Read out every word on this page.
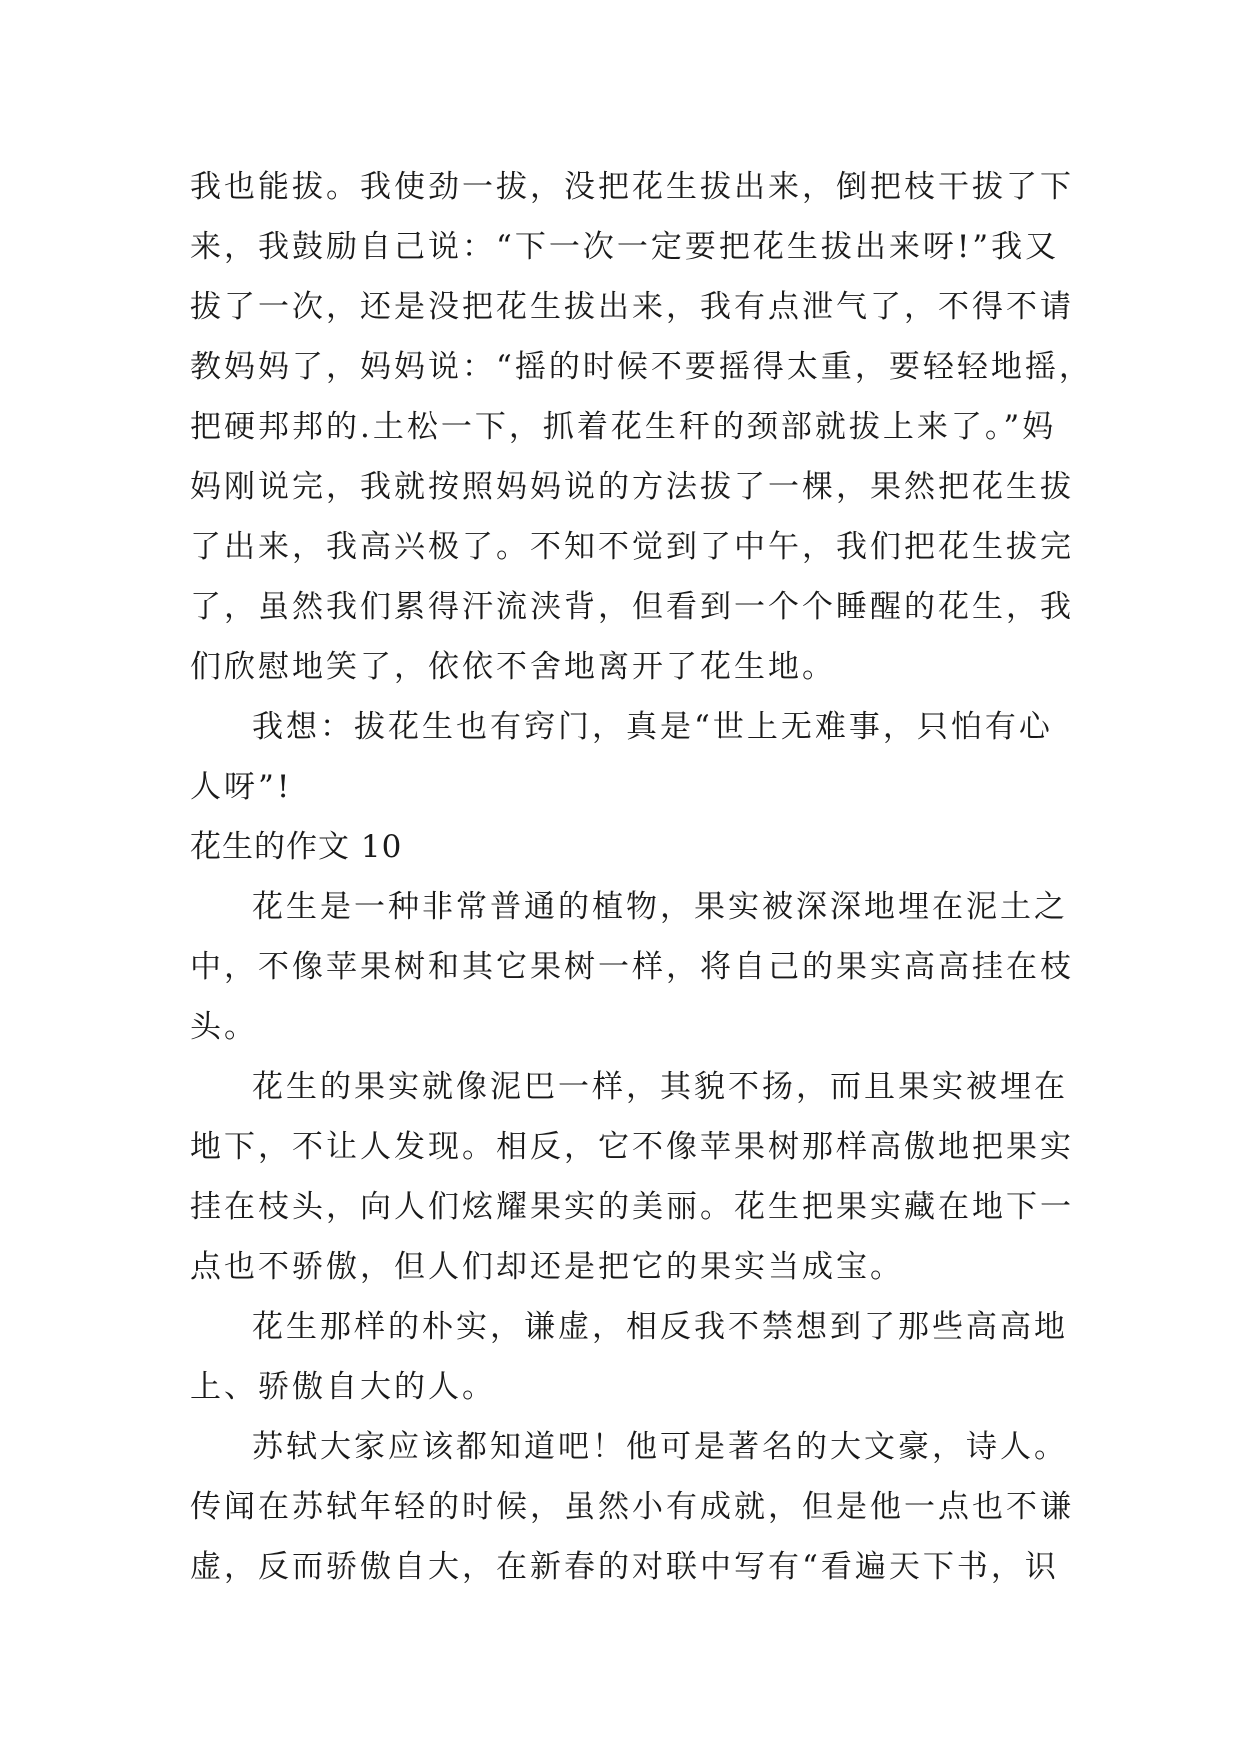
我也能拔。我使劲一拔，没把花生拔出来，倒把枝干拔了下
来，我鼓励自己说：“下一次一定要把花生拔出来呀!”我又
拔了一次，还是没把花生拔出来，我有点泄气了，不得不请
教妈妈了，妈妈说：“摇的时候不要摇得太重，要轻轻地摇，
把硬邦邦的.土松一下，抓着花生秆的颈部就拔上来了。”妈
妈刚说完，我就按照妈妈说的方法拔了一棵，果然把花生拔
了出来，我高兴极了。不知不觉到了中午，我们把花生拔完
了，虽然我们累得汗流浃背，但看到一个个睡醒的花生，我
们欣慰地笑了，依依不舍地离开了花生地。
我想：拔花生也有窍门，真是“世上无难事，只怕有心
人呀”!
花生的作文 10
花生是一种非常普通的植物，果实被深深地埋在泥土之
中，不像苹果树和其它果树一样，将自己的果实高高挂在枝
头。
花生的果实就像泥巴一样，其貌不扬，而且果实被埋在
地下，不让人发现。相反，它不像苹果树那样高傲地把果实
挂在枝头，向人们炫耀果实的美丽。花生把果实藏在地下一
点也不骄傲，但人们却还是把它的果实当成宝。
花生那样的朴实，谦虚，相反我不禁想到了那些高高地
上、骄傲自大的人。
苏轼大家应该都知道吧！他可是著名的大文豪，诗人。
传闻在苏轼年轻的时候，虽然小有成就，但是他一点也不谦
虚，反而骄傲自大，在新春的对联中写有“看遍天下书，识
